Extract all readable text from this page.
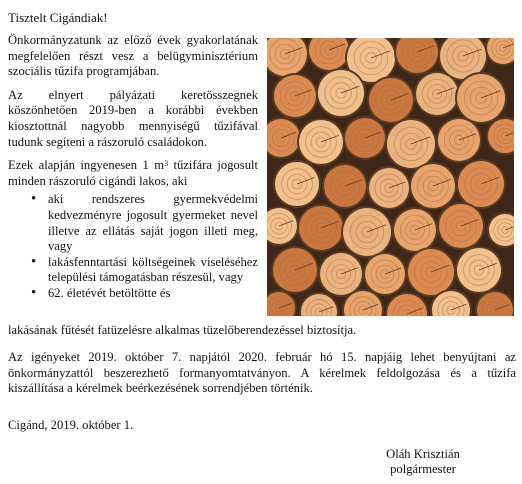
Tisztelt Cigándiak!

Önkormányzatunk az előző évek gyakorlatának megfelelően részt vesz a belügyminisztérium szociális tűzifa programjában.

Az elnyert pályázati keretösszegnek köszönhetően 2019-ben a korábbi években kiosztottnál nagyobb mennyiségű tűzifával tudunk segíteni a rászoruló családokon.

Ezek alapján ingyenesen 1 $m^3$ tűzifára jogosult minden rászoruló cigándi lakos, aki

• aki rendszeres gyermekvédelmi kedvezményre jogosult gyermeket nevel illetve az ellátás saját jogon illeti meg, vagy
• lakásfenntartási költségeinek viseléséhez települési támogatásban részesül, vagy
• 62. életévét betöltötte és
lakásának fűtését fatüzelésre alkalmas tüzelőberendezéssel biztosítja.
Az igényeket 2019. október 7. napjától 2020. február hó 15. napjáig lehet benyújtani az önkormányzattól beszerezhető formanyomtatványon. A kérelmek feldolgozása és a tűzifa kiszállítása a kérelmek beérkezésének sorrendjében történik.
Cigánd, 2019. október 1.
Oláh Krisztián
polgármester
